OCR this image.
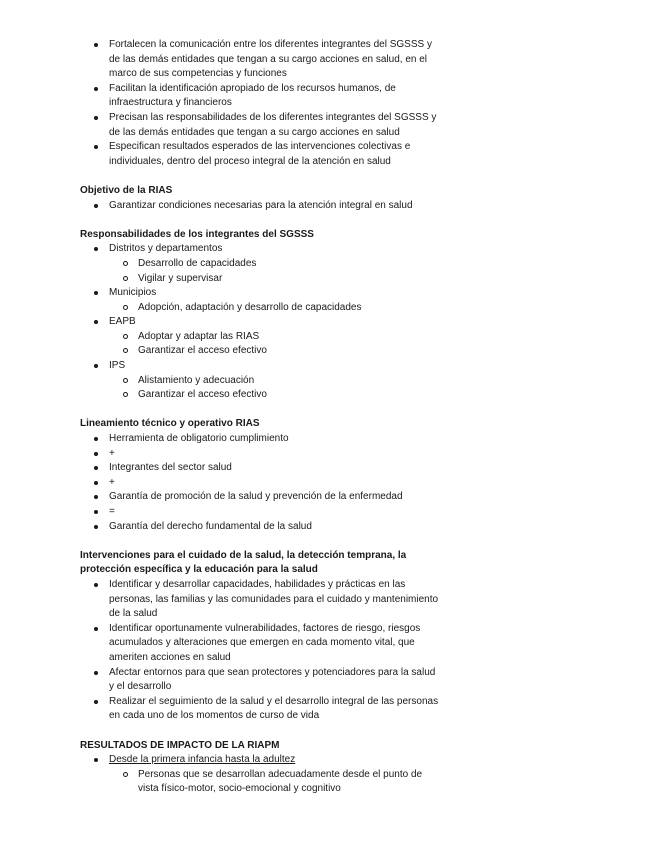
Fortalecen la comunicación entre los diferentes integrantes del SGSSS y de las demás entidades que tengan a su cargo acciones en salud, en el marco de sus competencias y funciones
Facilitan la identificación apropiado de los recursos humanos, de infraestructura y financieros
Precisan las responsabilidades de los diferentes integrantes del SGSSS y de las demás entidades que tengan a su cargo acciones en salud
Especifican resultados esperados de las intervenciones colectivas e individuales, dentro del proceso integral de la atención en salud

Objetivo de la RIAS

Garantizar condiciones necesarias para la atención integral en salud

Responsabilidades de los integrantes del SGSSS

Distritos y departamentos
Desarrollo de capacidades
Vigilar y supervisar
Municipios
Adopción, adaptación y desarrollo de capacidades
EAPB
Adoptar y adaptar las RIAS
Garantizar el acceso efectivo
IPS
Alistamiento y adecuación
Garantizar el acceso efectivo

Lineamiento técnico y operativo RIAS

Herramienta de obligatorio cumplimiento
+
Integrantes del sector salud
+
Garantía de promoción de la salud y prevención de la enfermedad
=
Garantía del derecho fundamental de la salud

Intervenciones para el cuidado de la salud, la detección temprana, la protección específica y la educación para la salud

Identificar y desarrollar capacidades, habilidades y prácticas en las personas, las familias y las comunidades para el cuidado y mantenimiento de la salud
Identificar oportunamente vulnerabilidades, factores de riesgo, riesgos acumulados y alteraciones que emergen en cada momento vital, que ameriten acciones en salud
Afectar entornos para que sean protectores y potenciadores para la salud y el desarrollo
Realizar el seguimiento de la salud y el desarrollo integral de las personas en cada uno de los momentos de curso de vida

RESULTADOS DE IMPACTO DE LA RIAPM

Desde la primera infancia hasta la adultez
Personas que se desarrollan adecuadamente desde el punto de vista físico-motor, socio-emocional y cognitivo
